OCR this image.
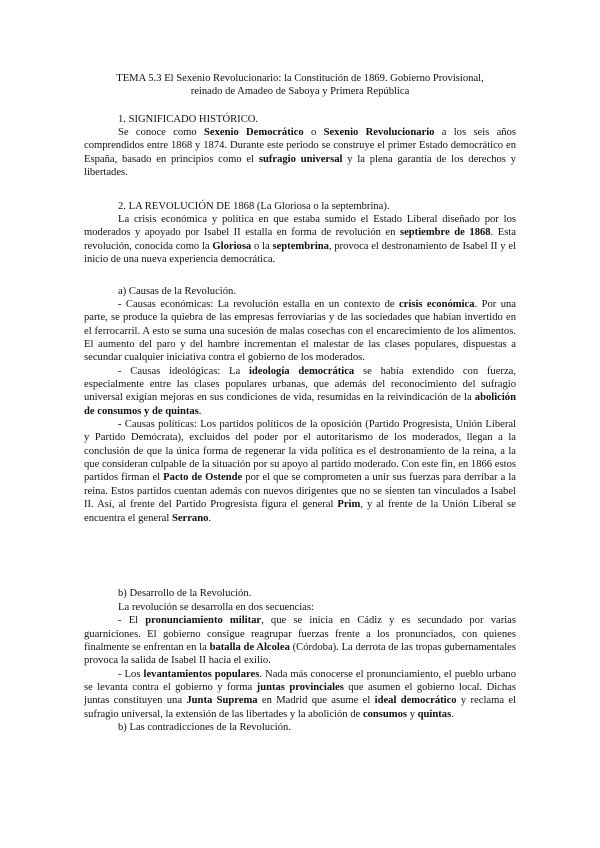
TEMA 5.3 El Sexenio Revolucionario: la Constitución de 1869. Gobierno Provisional,
reinado de Amadeo de Saboya y Primera República
1. SIGNIFICADO HISTÓRICO.

Se conoce como Sexenio Democrático o Sexenio Revolucionario a los seis años comprendidos entre 1868 y 1874. Durante este periodo se construye el primer Estado democrático en España, basado en principios como el sufragio universal y la plena garantía de los derechos y libertades.

2. LA REVOLUCIÓN DE 1868 (La Gloriosa o la septembrina).

La crisis económica y política en que estaba sumido el Estado Liberal diseñado por los moderados y apoyado por Isabel II estalla en forma de revolución en septiembre de 1868. Esta revolución, conocida como la Gloriosa o la septembrina, provoca el destronamiento de Isabel II y el inicio de una nueva experiencia democrática.

a) Causas de la Revolución.

- Causas económicas: La revolución estalla en un contexto de crisis económica. Por una parte, se produce la quiebra de las empresas ferroviarias y de las sociedades que habían invertido en el ferrocarril. A esto se suma una sucesión de malas cosechas con el encarecimiento de los alimentos. El aumento del paro y del hambre incrementan el malestar de las clases populares, dispuestas a secundar cualquier iniciativa contra el gobierno de los moderados.

- Causas ideológicas: La ideología democrática se había extendido con fuerza, especialmente entre las clases populares urbanas, que además del reconocimiento del sufragio universal exigían mejoras en sus condiciones de vida, resumidas en la reivindicación de la abolición de consumos y de quintas.

- Causas políticas: Los partidos políticos de la oposición (Partido Progresista, Unión Liberal y Partido Demócrata), excluidos del poder por el autoritarismo de los moderados, llegan a la conclusión de que la única forma de regenerar la vida política es el destronamiento de la reina, a la que consideran culpable de la situación por su apoyo al partido moderado. Con este fin, en 1866 estos partidos firman el Pacto de Ostende por el que se comprometen a unir sus fuerzas para derribar a la reina. Estos partidos cuentan además con nuevos dirigentes que no se sienten tan vinculados a Isabel II. Así, al frente del Partido Progresista figura el general Prim, y al frente de la Unión Liberal se encuentra el general Serrano.

b) Desarrollo de la Revolución.

La revolución se desarrolla en dos secuencias:

- El pronunciamiento militar, que se inicia en Cádiz y es secundado por varias guarniciones. El gobierno consigue reagrupar fuerzas frente a los pronunciados, con quienes finalmente se enfrentan en la batalla de Alcolea (Córdoba). La derrota de las tropas gubernamentales provoca la salida de Isabel II hacia el exilio.

- Los levantamientos populares. Nada más conocerse el pronunciamiento, el pueblo urbano se levanta contra el gobierno y forma juntas provinciales que asumen el gobierno local. Dichas juntas constituyen una Junta Suprema en Madrid que asume el ideal democrático y reclama el sufragio universal, la extensión de las libertades y la abolición de consumos y quintas.

b) Las contradicciones de la Revolución.
